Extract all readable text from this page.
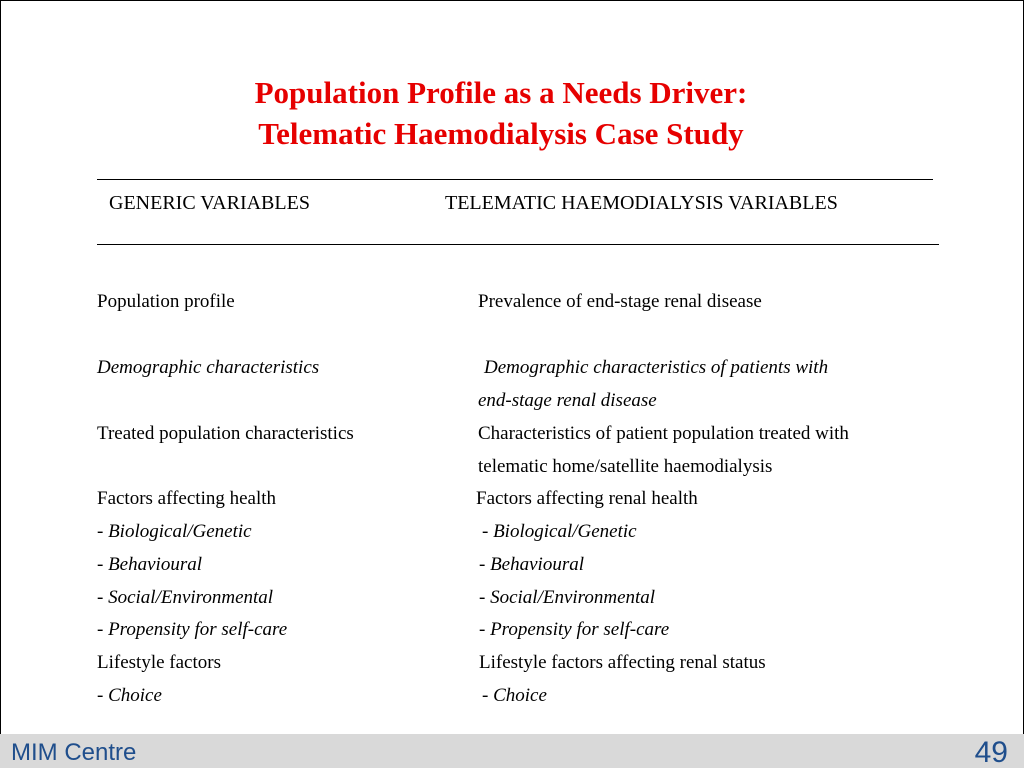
Population Profile as a Needs Driver:
Telematic Haemodialysis Case Study
GENERIC VARIABLES	TELEMATIC HAEMODIALYSIS VARIABLES
Population profile	Prevalence of end-stage renal disease
Demographic characteristics	Demographic characteristics of patients with
end-stage renal disease
Treated population characteristics	Characteristics of patient population treated with
telematic home/satellite haemodialysis
Factors affecting health	Factors affecting renal health
- Biological/Genetic	- Biological/Genetic
- Behavioural	- Behavioural
- Social/Environmental	- Social/Environmental
- Propensity for self-care	- Propensity for self-care
Lifestyle factors	Lifestyle factors affecting renal status
- Choice	- Choice
MIM Centre	49
